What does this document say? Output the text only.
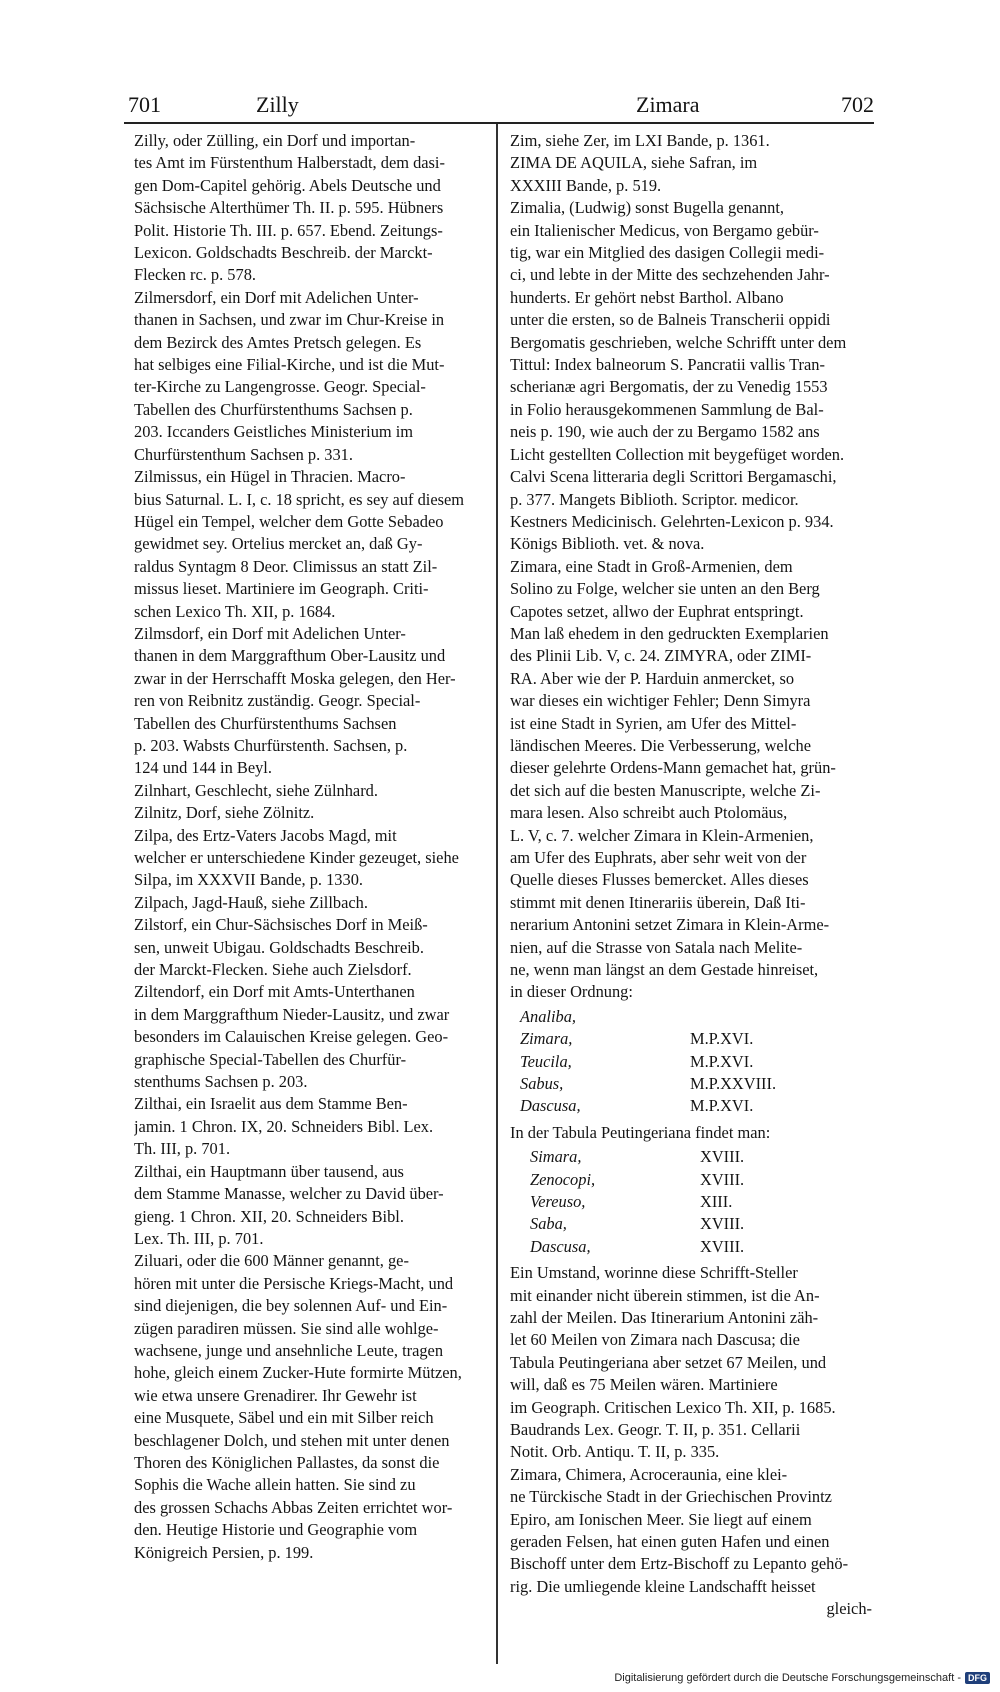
701	Zilly	Zimara	702
Zilly, oder Zülling, ein Dorf und importan-
tes Amt im Fürstenthum Halberstadt, dem dasi-
gen Dom-Capitel gehörig. Abels Deutsche und
Sächsische Alterthümer Th. II. p. 595. Hübners
Polit. Historie Th. III. p. 657. Ebend. Zeitungs-
Lexicon. Goldschadts Beschreib. der Marckt-
Flecken rc. p. 578.
Zilmersdorf, ein Dorf mit Adelichen Unter-
thanen in Sachsen, und zwar im Chur-Kreise in
dem Bezirck des Amtes Pretsch gelegen. Es
hat selbiges eine Filial-Kirche, und ist die Mut-
ter-Kirche zu Langengrosse. Geogr. Special-
Tabellen des Churfürstenthums Sachsen p.
203. Iccanders Geistliches Ministerium im
Churfürstenthum Sachsen p. 331.
Zilmissus, ein Hügel in Thracien. Macro-
bius Saturnal. L. I, c. 18 spricht, es sey auf diesem
Hügel ein Tempel, welcher dem Gotte Sebadeo
gewidmet sey. Ortelius mercket an, daß Gy-
raldus Syntagm 8 Deor. Climissus an statt Zil-
missus lieset. Martiniere im Geograph. Criti-
schen Lexico Th. XII, p. 1684.
Zilmsdorf, ein Dorf mit Adelichen Unter-
thanen in dem Marggrafthum Ober-Lausitz und
zwar in der Herrschafft Moska gelegen, den Her-
ren von Reibnitz zuständig. Geogr. Special-
Tabellen des Churfürstenthums Sachsen
p. 203. Wabsts Churfürstenth. Sachsen, p.
124 und 144 in Beyl.
Zilnhart, Geschlecht, siehe Zülnhard.
Zilnitz, Dorf, siehe Zölnitz.
Zilpa, des Ertz-Vaters Jacobs Magd, mit
welcher er unterschiedene Kinder gezeuget, siehe
Silpa, im XXXVII Bande, p. 1330.
Zilpach, Jagd-Hauß, siehe Zillbach.
Zilstorf, ein Chur-Sächsisches Dorf in Meiß-
sen, unweit Ubigau. Goldschadts Beschreib.
der Marckt-Flecken. Siehe auch Zielsdorf.
Ziltendorf, ein Dorf mit Amts-Unterthanen
in dem Marggrafthum Nieder-Lausitz, und zwar
besonders im Calauischen Kreise gelegen. Geo-
graphische Special-Tabellen des Churfür-
stenthums Sachsen p. 203.
Zilthai, ein Israelit aus dem Stamme Ben-
jamin. 1 Chron. IX, 20. Schneiders Bibl. Lex.
Th. III, p. 701.
Zilthai, ein Hauptmann über tausend, aus
dem Stamme Manasse, welcher zu David über-
gieng. 1 Chron. XII, 20. Schneiders Bibl.
Lex. Th. III, p. 701.
Ziluari, oder die 600 Männer genannt, ge-
hören mit unter die Persische Kriegs-Macht, und
sind diejenigen, die bey solennen Auf- und Ein-
zügen paradiren müssen. Sie sind alle wohlge-
wachsene, junge und ansehnliche Leute, tragen
hohe, gleich einem Zucker-Hute formirte Mützen,
wie etwa unsere Grenadirer. Ihr Gewehr ist
eine Musquete, Säbel und ein mit Silber reich
beschlagener Dolch, und stehen mit unter denen
Thoren des Königlichen Pallastes, da sonst die
Sophis die Wache allein hatten. Sie sind zu
des grossen Schachs Abbas Zeiten errichtet wor-
den. Heutige Historie und Geographie vom
Königreich Persien, p. 199.
Zim, siehe Zer, im LXI Bande, p. 1361.
ZIMA DE AQUILA, siehe Safran, im
XXXIII Bande, p. 519.
Zimalia, (Ludwig) sonst Bugella genannt,
ein Italienischer Medicus, von Bergamo gebür-
tig, war ein Mitglied des dasigen Collegii medi-
ci, und lebte in der Mitte des sechzehenden Jahr-
hunderts. Er gehört nebst Barthol. Albano
unter die ersten, so de Balneis Transcherii oppidi
Bergomatis geschrieben, welche Schrifft unter dem
Tittul: Index balneorum S. Pancratii vallis Tran-
scherianæ agri Bergomatis, der zu Venedig 1553
in Folio herausgekommenen Sammlung de Bal-
neis p. 190, wie auch der zu Bergamo 1582 ans
Licht gestellten Collection mit beygefüget worden.
Calvi Scena litteraria degli Scrittori Bergamaschi,
p. 377. Mangets Biblioth. Scriptor. medicor.
Kestners Medicinisch. Gelehrten-Lexicon p. 934.
Königs Biblioth. vet. & nova.
Zimara, eine Stadt in Groß-Armenien, dem
Solino zu Folge, welcher sie unten an den Berg
Capotes setzet, allwo der Euphrat entspringt.
Man laß ehedem in den gedruckten Exemplarien
des Plinii Lib. V, c. 24. ZIMYRA, oder ZIMI-
RA. Aber wie der P. Harduin anmercket, so
war dieses ein wichtiger Fehler; Denn Simyra
ist eine Stadt in Syrien, am Ufer des Mittel-
ländischen Meeres. Die Verbesserung, welche
dieser gelehrte Ordens-Mann gemachet hat, grün-
det sich auf die besten Manuscripte, welche Zi-
mara lesen. Also schreibt auch Ptolomäus,
L. V, c. 7. welcher Zimara in Klein-Armenien,
am Ufer des Euphrats, aber sehr weit von der
Quelle dieses Flusses bemercket. Alles dieses
stimmt mit denen Itinerariis überein, Daß Iti-
nerarium Antonini setzet Zimara in Klein-Arme-
nien, auf die Strasse von Satala nach Melite-
ne, wenn man längst an dem Gestade hinreiset,
in dieser Ordnung:
Analiba,
Zimara,	M.P.XVI.
Teucila,	M.P.XVI.
Sabus,	M.P.XXVIII.
Dascusa,	M.P.XVI.
In der Tabula Peutingeriana findet man:
Simara,	XVIII.
Zenocopi,	XVIII.
Vereuso,	XIII.
Saba,	XVIII.
Dascusa,	XVIII.
Ein Umstand, worinne diese Schrifft-Steller
mit einander nicht überein stimmen, ist die An-
zahl der Meilen. Das Itinerarium Antonini zäh-
let 60 Meilen von Zimara nach Dascusa; die
Tabula Peutingeriana aber setzet 67 Meilen, und
will, daß es 75 Meilen wären. Martiniere
im Geograph. Critischen Lexico Th. XII, p. 1685.
Baudrands Lex. Geogr. T. II, p. 351. Cellarii
Notit. Orb. Antiqu. T. II, p. 335.
Zimara, Chimera, Acroceraunia, eine klei-
ne Türckische Stadt in der Griechischen Provintz
Epiro, am Ionischen Meer. Sie liegt auf einem
geraden Felsen, hat einen guten Hafen und einen
Bischoff unter dem Ertz-Bischoff zu Lepanto gehö-
rig. Die umliegende kleine Landschafft heisset
gleich-
Digitalisierung gefördert durch die Deutsche Forschungsgemeinschaft - DFG
